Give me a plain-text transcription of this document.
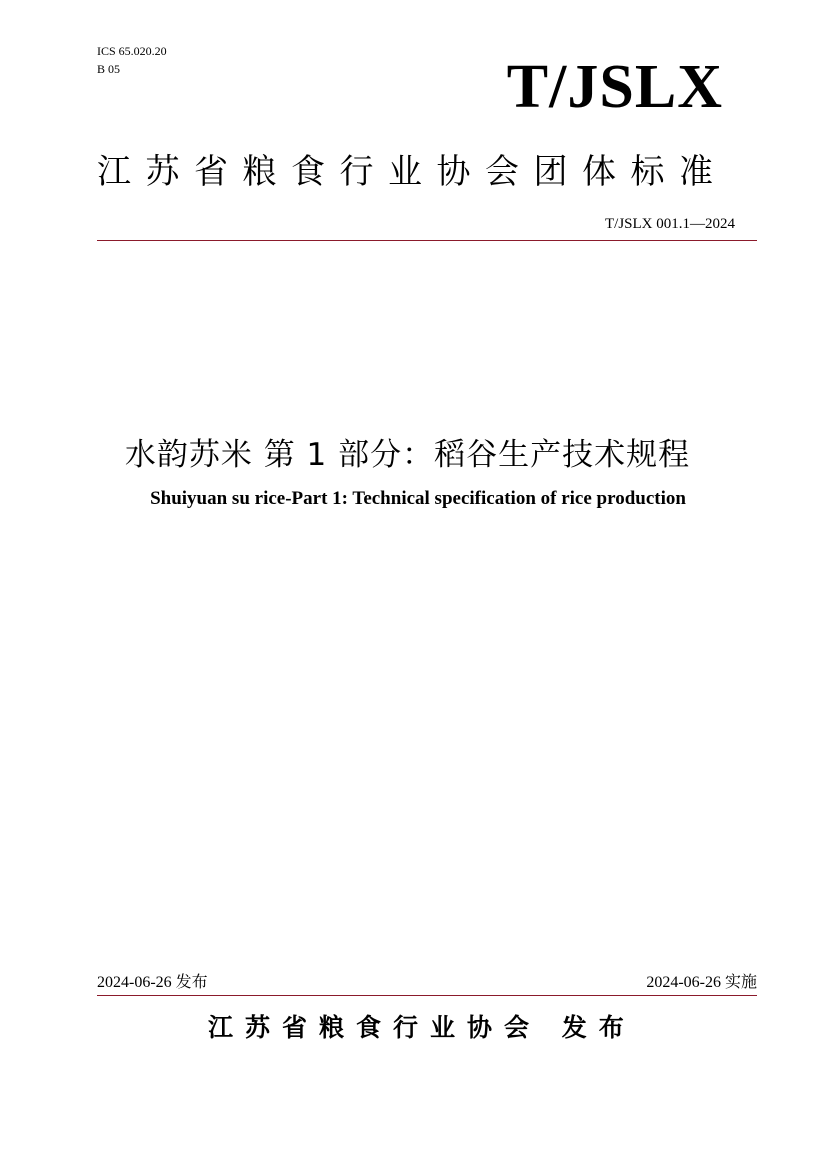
ICS 65.020.20
B 05	T/JSLX
江苏省粮食行业协会团体标准
T/JSLX 001.1—2024
水韵苏米 第 1 部分：稻谷生产技术规程
Shuiyuan su rice-Part 1: Technical specification of rice production
2024-06-26 发布	2024-06-26 实施
江苏省粮食行业协会 发布
